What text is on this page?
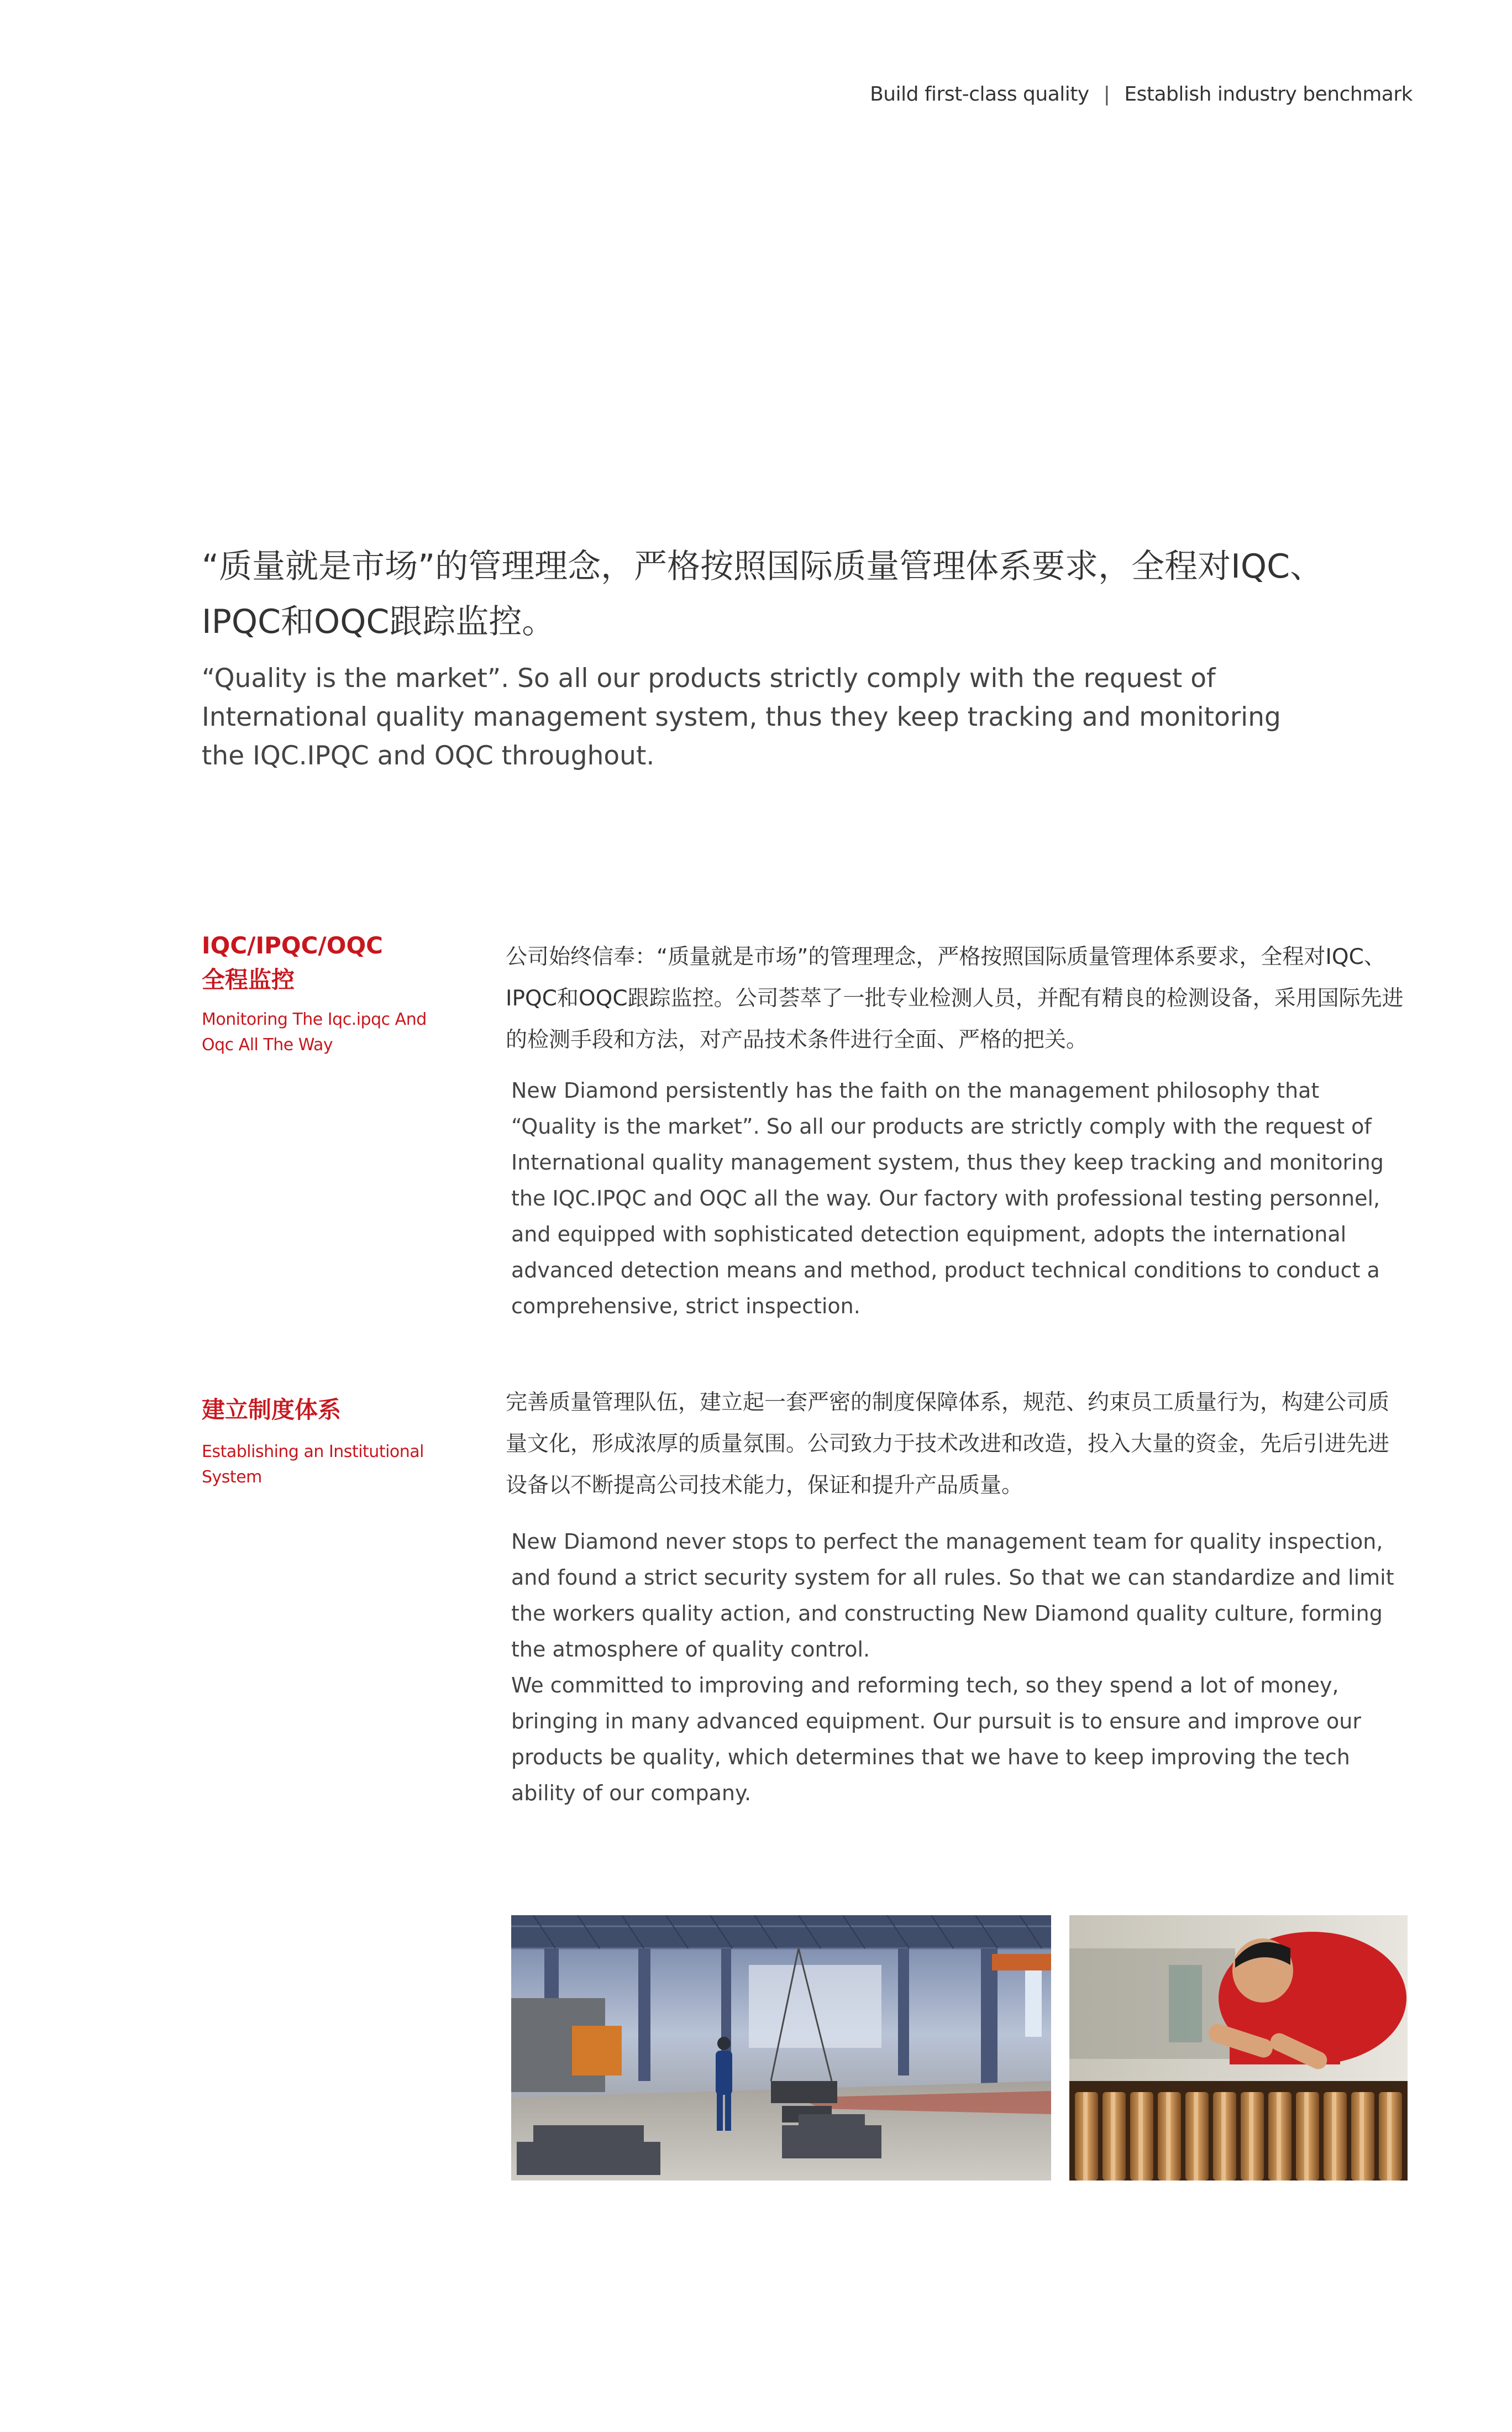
Build first-class quality | Establish industry benchmark

“质量就是市场”的管理理念，严格按照国际质量管理体系要求，全程对IQC、IPQC和OQC跟踪监控。

“Quality is the market”. So all our products strictly comply with the request of International quality management system, thus they keep tracking and monitoring the IQC.IPQC and OQC throughout.

IQC/IPQC/OQC
全程监控
Monitoring The Iqc.ipqc And
Oqc All The Way

公司始终信奉：“质量就是市场”的管理理念，严格按照国际质量管理体系要求，全程对IQC、IPQC和OQC跟踪监控。公司荟萃了一批专业检测人员，并配有精良的检测设备，采用国际先进的检测手段和方法，对产品技术条件进行全面、严格的把关。

New Diamond persistently has the faith on the management philosophy that “Quality is the market”. So all our products are strictly comply with the request of International quality management system, thus they keep tracking and monitoring the IQC.IPQC and OQC all the way. Our factory with professional testing personnel, and equipped with sophisticated detection equipment, adopts the international advanced detection means and method, product technical conditions to conduct a comprehensive, strict inspection.

建立制度体系
Establishing an Institutional
System

完善质量管理队伍，建立起一套严密的制度保障体系，规范、约束员工质量行为，构建公司质量文化，形成浓厚的质量氛围。公司致力于技术改进和改造，投入大量的资金，先后引进先进设备以不断提高公司技术能力，保证和提升产品质量。

New Diamond never stops to perfect the management team for quality inspection, and found a strict security system for all rules. So that we can standardize and limit the workers quality action, and constructing New Diamond quality culture, forming the atmosphere of quality control.

We committed to improving and reforming tech, so they spend a lot of money, bringing in many advanced equipment. Our pursuit is to ensure and improve our products be quality, which determines that we have to keep improving the tech ability of our company.
